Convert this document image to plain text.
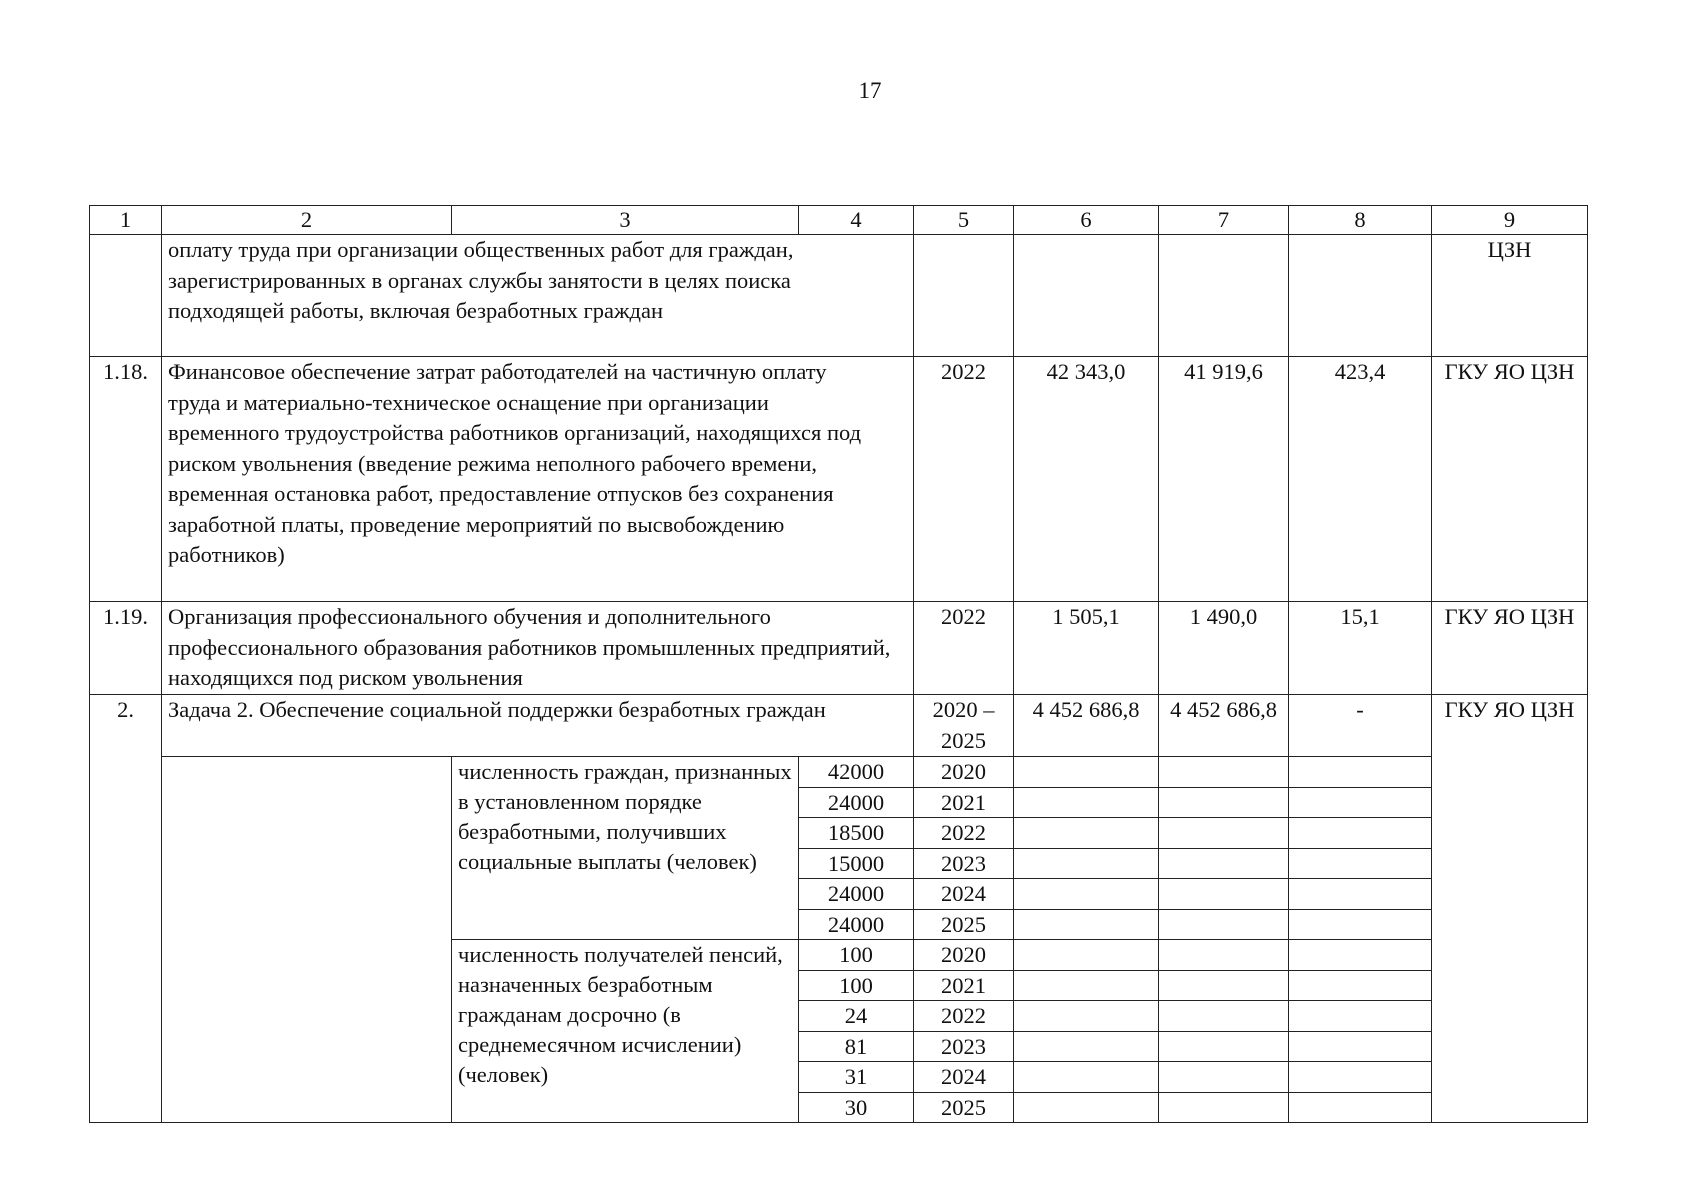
17
1	2	3	4	5	6	7	8	9
	оплату труда при организации общественных работ для граждан, зарегистрированных в органах службы занятости в целях поиска подходящей работы, включая безработных граждан							ЦЗН
1.18.	Финансовое обеспечение затрат работодателей на частичную оплату труда и материально-техническое оснащение при организации временного трудоустройства работников организаций, находящихся под риском увольнения (введение режима неполного рабочего времени, временная остановка работ, предоставление отпусков без сохранения заработной платы, проведение мероприятий по высвобождению работников)			2022	42 343,0	41 919,6	423,4	ГКУ ЯО ЦЗН
1.19.	Организация профессионального обучения и дополнительного профессионального образования работников промышленных предприятий, находящихся под риском увольнения			2022	1 505,1	1 490,0	15,1	ГКУ ЯО ЦЗН
2.	Задача 2. Обеспечение социальной поддержки безработных граждан			2020 – 2025	4 452 686,8	4 452 686,8	-	ГКУ ЯО ЦЗН
		численность граждан, признанных в установленном порядке безработными, получивших социальные выплаты (человек)	42000	2020				
			24000	2021				
			18500	2022				
			15000	2023				
			24000	2024				
			24000	2025				
		численность получателей пенсий, назначенных безработным гражданам досрочно (в среднемесячном исчислении) (человек)	100	2020				
			100	2021				
			24	2022				
			81	2023				
			31	2024				
			30	2025				
